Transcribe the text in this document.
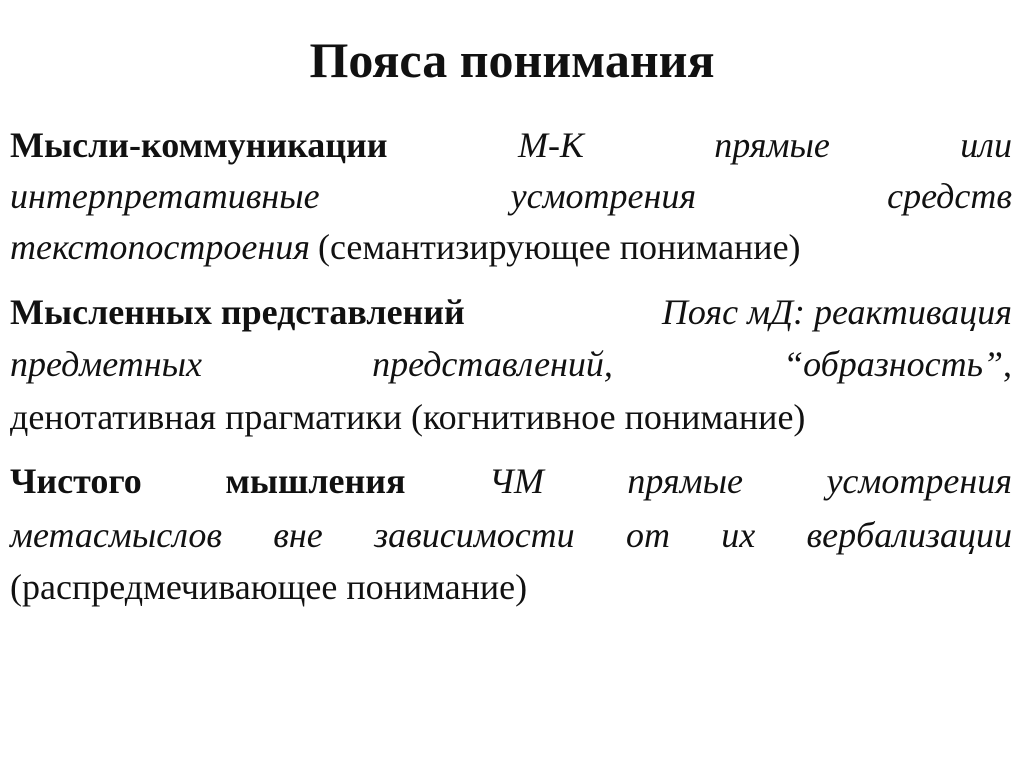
Пояса понимания
Мысли-коммуникации	М-К	прямые	или
интерпретативные	усмотрения	средств
текстопостроения (семантизирующее понимание)
Мысленных представлений	Пояс мД: реактивация
предметных	представлений,	“образность”,
денотативная прагматики (когнитивное понимание)
Чистого мышления ЧМ прямые усмотрения
метасмыслов вне зависимости от их вербализации
(распредмечивающее понимание)
